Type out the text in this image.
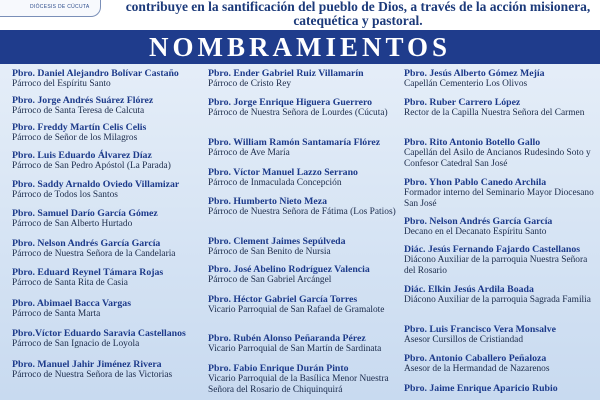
DIÓCESIS DE CÚCUTA	contribuye en la santificación del pueblo de Dios, a través de la acción misionera,
catequética y pastoral.
NOMBRAMIENTOS
Pbro. Daniel Alejandro Bolívar Castaño
Párroco del Espíritu Santo
Pbro. Jorge Andrés Suárez Flórez
Párroco de Santa Teresa de Calcuta
Pbro. Freddy Martín Celis Celis
Párroco de Señor de los Milagros
Pbro. Luis Eduardo Álvarez Díaz
Párroco de San Pedro Apóstol (La Parada)
Pbro. Saddy Arnaldo Oviedo Villamizar
Párroco de Todos los Santos
Pbro. Samuel Darío García Gómez
Párroco de San Alberto Hurtado
Pbro. Nelson Andrés García García
Párroco de Nuestra Señora de la Candelaria
Pbro. Eduard Reynel Támara Rojas
Párroco de Santa Rita de Casia
Pbro. Abimael Bacca Vargas
Párroco de Santa Marta
Pbro.Víctor Eduardo Saravia Castellanos
Párroco de San Ignacio de Loyola
Pbro. Manuel Jahir Jiménez Rivera
Párroco de Nuestra Señora de las Victorias
Pbro. Ender Gabriel Ruiz Villamarín
Párroco de Cristo Rey
Pbro. Jorge Enrique Higuera Guerrero
Párroco de Nuestra Señora de Lourdes (Cúcuta)
Pbro. William Ramón Santamaría Flórez
Párroco de Ave María
Pbro. Víctor Manuel Lazzo Serrano
Párroco de Inmaculada Concepción
Pbro. Humberto Nieto Meza
Párroco de Nuestra Señora de Fátima (Los Patios)
Pbro. Clement Jaimes Sepúlveda
Párroco de San Benito de Nursia
Pbro. José Abelino Rodríguez Valencia
Párroco de San Gabriel Arcángel
Pbro. Héctor Gabriel García Torres
Vicario Parroquial de San Rafael de Gramalote
Pbro. Rubén Alonso Peñaranda Pérez
Vicario Parroquial de San Martín de Sardinata
Pbro. Fabio Enrique Durán Pinto
Vicario Parroquial de la Basílica Menor Nuestra Señora del Rosario de Chiquinquirá
Pbro. Jesús Alberto Gómez Mejía
Capellán Cementerio Los Olivos
Pbro. Ruber Carrero López
Rector de la Capilla Nuestra Señora del Carmen
Pbro. Rito Antonio Botello Gallo
Capellán del Asilo de Ancianos Rudesindo Soto y Confesor Catedral San José
Pbro. Yhon Pablo Canedo Archila
Formador interno del Seminario Mayor Diocesano San José
Pbro. Nelson Andrés García García
Decano en el Decanato Espíritu Santo
Diác. Jesús Fernando Fajardo Castellanos
Diácono Auxiliar de la parroquia Nuestra Señora del Rosario
Diác. Elkin Jesús Ardila Boada
Diácono Auxiliar de la parroquia Sagrada Familia
Pbro. Luis Francisco Vera Monsalve
Asesor Cursillos de Cristiandad
Pbro. Antonio Caballero Peñaloza
Asesor de la Hermandad de Nazarenos
Pbro. Jaime Enrique Aparicio Rubio
